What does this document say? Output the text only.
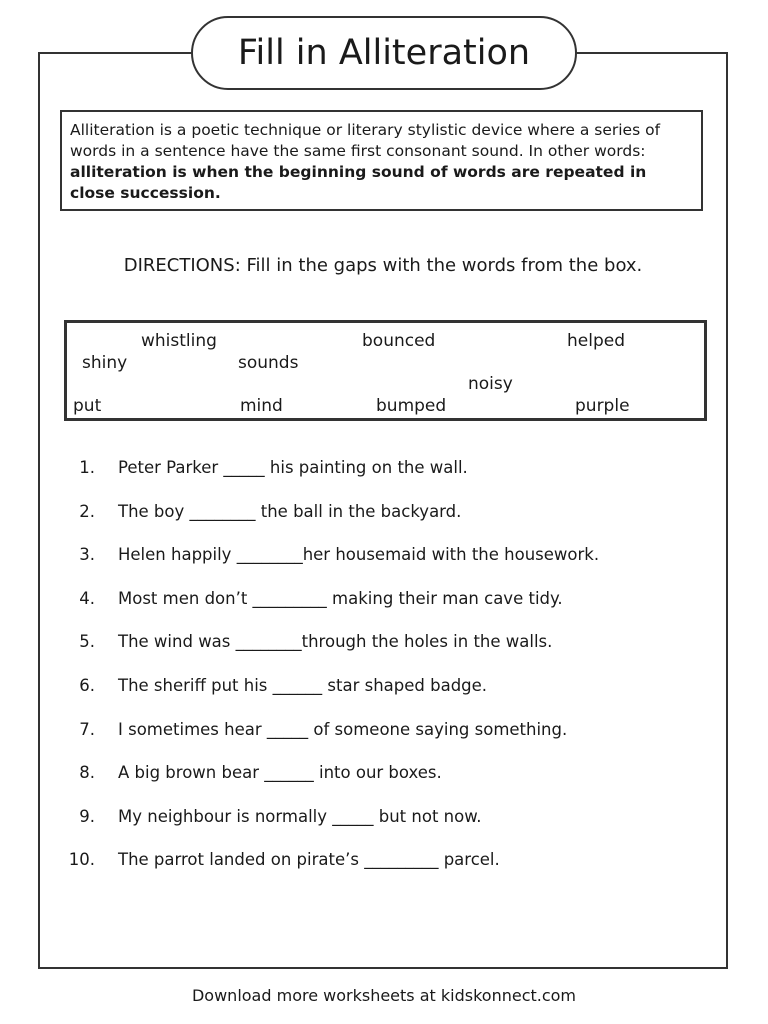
Fill in Alliteration
Alliteration is a poetic technique or literary stylistic device where a series of words in a sentence have the same first consonant sound. In other words: alliteration is when the beginning sound of words are repeated in close succession.
DIRECTIONS: Fill in the gaps with the words from the box.
whistling	bounced	helped
shiny	sounds
noisy
put	mind	bumped	purple
1. Peter Parker _____ his painting on the wall.
2. The boy ________ the ball in the backyard.
3. Helen happily ________her housemaid with the housework.
4. Most men don’t _________ making their man cave tidy.
5. The wind was ________through the holes in the walls.
6. The sheriff put his ______ star shaped badge.
7. I sometimes hear _____ of someone saying something.
8. A big brown bear ______ into our boxes.
9. My neighbour is normally _____ but not now.
10. The parrot landed on pirate’s _________ parcel.
Download more worksheets at kidskonnect.com
